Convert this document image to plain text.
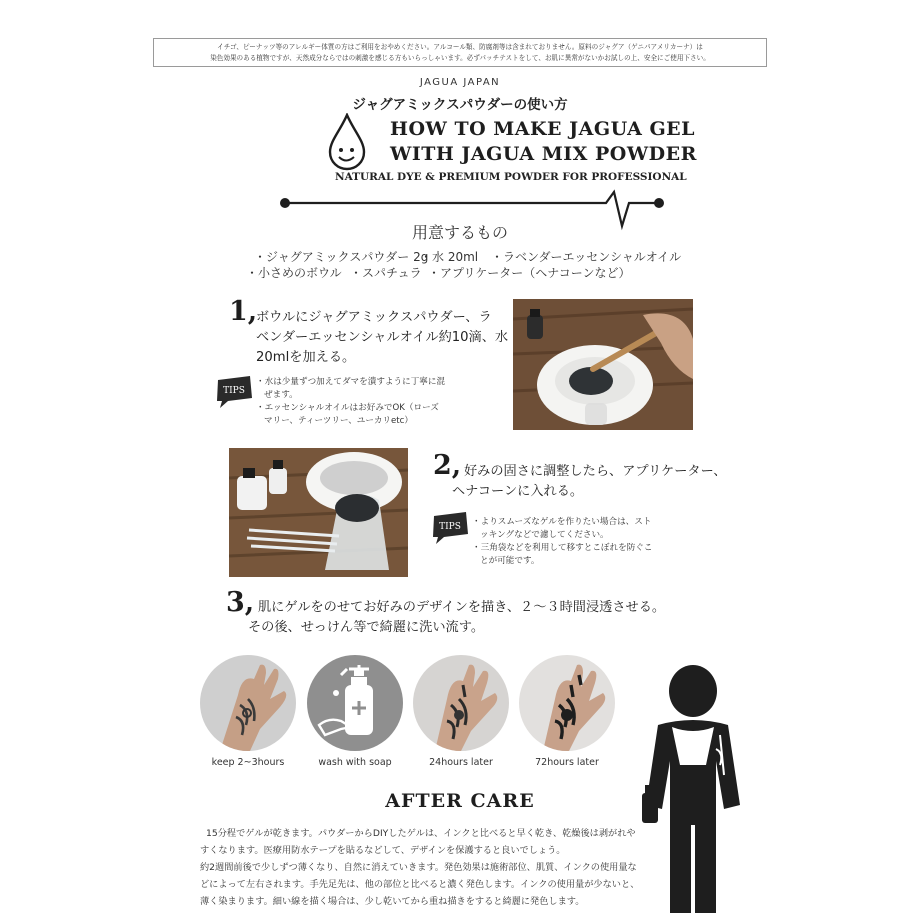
イチゴ、ピーナッツ等のアレルギー体質の方はご利用をおやめください。アルコール類、防腐剤等は含まれておりません。原料のジャグア（ゲニパアメリカーナ）は
染色効果のある植物ですが、天然成分ならではの刺激を感じる方もいらっしゃいます。必ずパッチテストをして、お肌に異常がないかお試しの上、安全にご使用下さい。
JAGUA JAPAN
ジャグアミックスパウダーの使い方
HOW TO MAKE JAGUA GEL
WITH JAGUA MIX POWDER
NATURAL DYE & PREMIUM POWDER FOR PROFESSIONAL
用意するもの
・ジャグアミックスパウダー 2g
・水 20ml ・ラベンダーエッセンシャルオイル
・小さめのボウル ・スパチュラ ・アプリケーター（ヘナコーンなど）
1,
ボウルにジャグアミックスパウダー、ラ
ベンダーエッセンシャルオイル約10滴、水
20mlを加える。
TIPS
・水は少量ずつ加えてダマを潰すように丁寧に混
ぜます。
・エッセンシャルオイルはお好みでOK（ローズ
マリー、ティーツリー、ユーカリetc）
2, 好みの固さに調整したら、アプリケーター、
ヘナコーンに入れる。
TIPS ・よりスムーズなゲルを作りたい場合は、スト
ッキングなどで濾してください。
・三角袋などを利用して移すとこぼれを防ぐこ
とが可能です。
3, 肌にゲルをのせてお好みのデザインを描き、２〜３時間浸透させる。
その後、せっけん等で綺麗に洗い流す。
keep 2~3hours	wash with soap	24hours later	72hours later
AFTER CARE
15分程でゲルが乾きます。パウダーからDIYしたゲルは、インクと比べると早く乾き、乾燥後は剥がれや
すくなります。医療用防水テープを貼るなどして、デザインを保護すると良いでしょう。
約2週間前後で少しずつ薄くなり、自然に消えていきます。発色効果は施術部位、肌質、インクの使用量な
どによって左右されます。手先足先は、他の部位と比べると濃く発色します。インクの使用量が少ないと、
薄く染まります。細い線を描く場合は、少し乾いてから重ね描きをすると綺麗に発色します。
